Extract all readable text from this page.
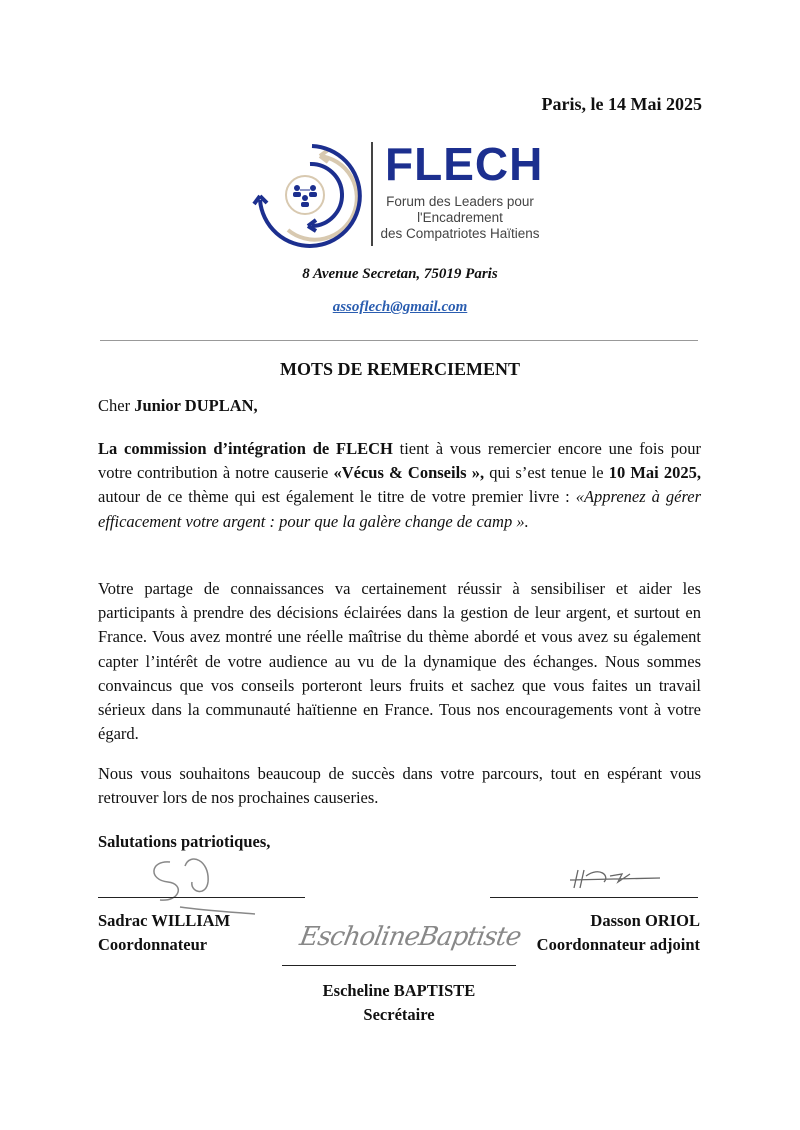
Paris, le 14 Mai 2025
FLECH
Forum des Leaders pour
l'Encadrement
des Compatriotes Haïtiens
8 Avenue Secretan, 75019 Paris
assoflech@gmail.com
MOTS DE REMERCIEMENT
Cher Junior DUPLAN,
La commission d’intégration de FLECH tient à vous remercier encore une fois pour votre contribution à notre causerie «Vécus & Conseils », qui s’est tenue le 10 Mai 2025, autour de ce thème qui est également le titre de votre premier livre : «Apprenez à gérer efficacement votre argent : pour que la galère change de camp ».
Votre partage de connaissances va certainement réussir à sensibiliser et aider les participants à prendre des décisions éclairées dans la gestion de leur argent, et surtout en France. Vous avez montré une réelle maîtrise du thème abordé et vous avez su également capter l’intérêt de votre audience au vu de la dynamique des échanges. Nous sommes convaincus que vos conseils porteront leurs fruits et sachez que vous faites un travail sérieux dans la communauté haïtienne en France. Tous nos encouragements vont à votre égard.
Nous vous souhaitons beaucoup de succès dans votre parcours, tout en espérant vous retrouver lors de nos prochaines causeries.
Salutations patriotiques,
Sadrac WILLIAM
Coordonnateur
Dasson ORIOL
Coordonnateur adjoint
EscholineBaptiste
Escheline BAPTISTE
Secrétaire
